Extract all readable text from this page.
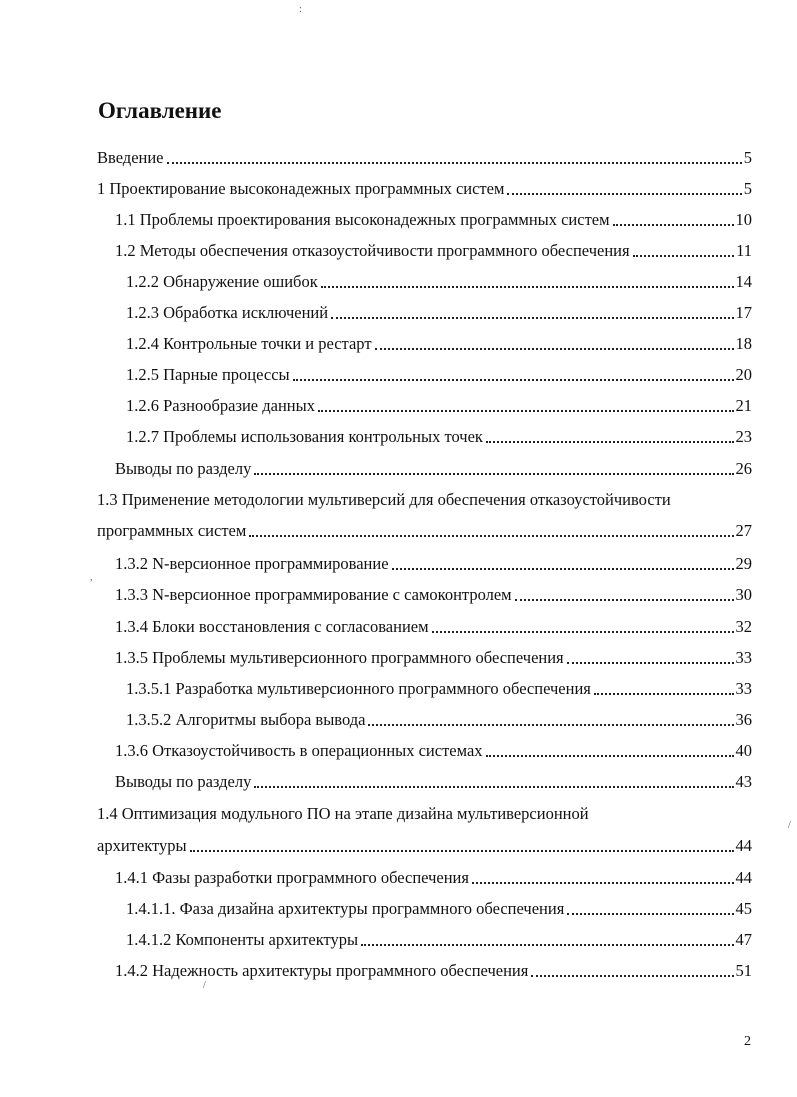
:
,
/
/
Оглавление
Введение	5
1 Проектирование высоконадежных программных систем	5
1.1 Проблемы проектирования высоконадежных программных систем	10
1.2 Методы обеспечения отказоустойчивости программного обеспечения	11
1.2.2 Обнаружение ошибок	14
1.2.3 Обработка исключений	17
1.2.4 Контрольные точки и рестарт	18
1.2.5 Парные процессы	20
1.2.6 Разнообразие данных	21
1.2.7 Проблемы использования контрольных точек	23
Выводы по разделу	26
1.3 Применение методологии мультиверсий для обеспечения отказоустойчивости
программных систем	27
1.3.2 N-версионное программирование	29
1.3.3 N-версионное программирование с самоконтролем	30
1.3.4 Блоки восстановления с согласованием	32
1.3.5 Проблемы мультиверсионного программного обеспечения	33
1.3.5.1 Разработка мультиверсионного программного обеспечения	33
1.3.5.2 Алгоритмы выбора вывода	36
1.3.6 Отказоустойчивость в операционных системах	40
Выводы по разделу	43
1.4 Оптимизация модульного ПО на этапе дизайна мультиверсионной
архитектуры	44
1.4.1 Фазы разработки программного обеспечения	44
1.4.1.1. Фаза дизайна архитектуры программного обеспечения	45
1.4.1.2 Компоненты архитектуры	47
1.4.2 Надежность архитектуры программного обеспечения	51
2
